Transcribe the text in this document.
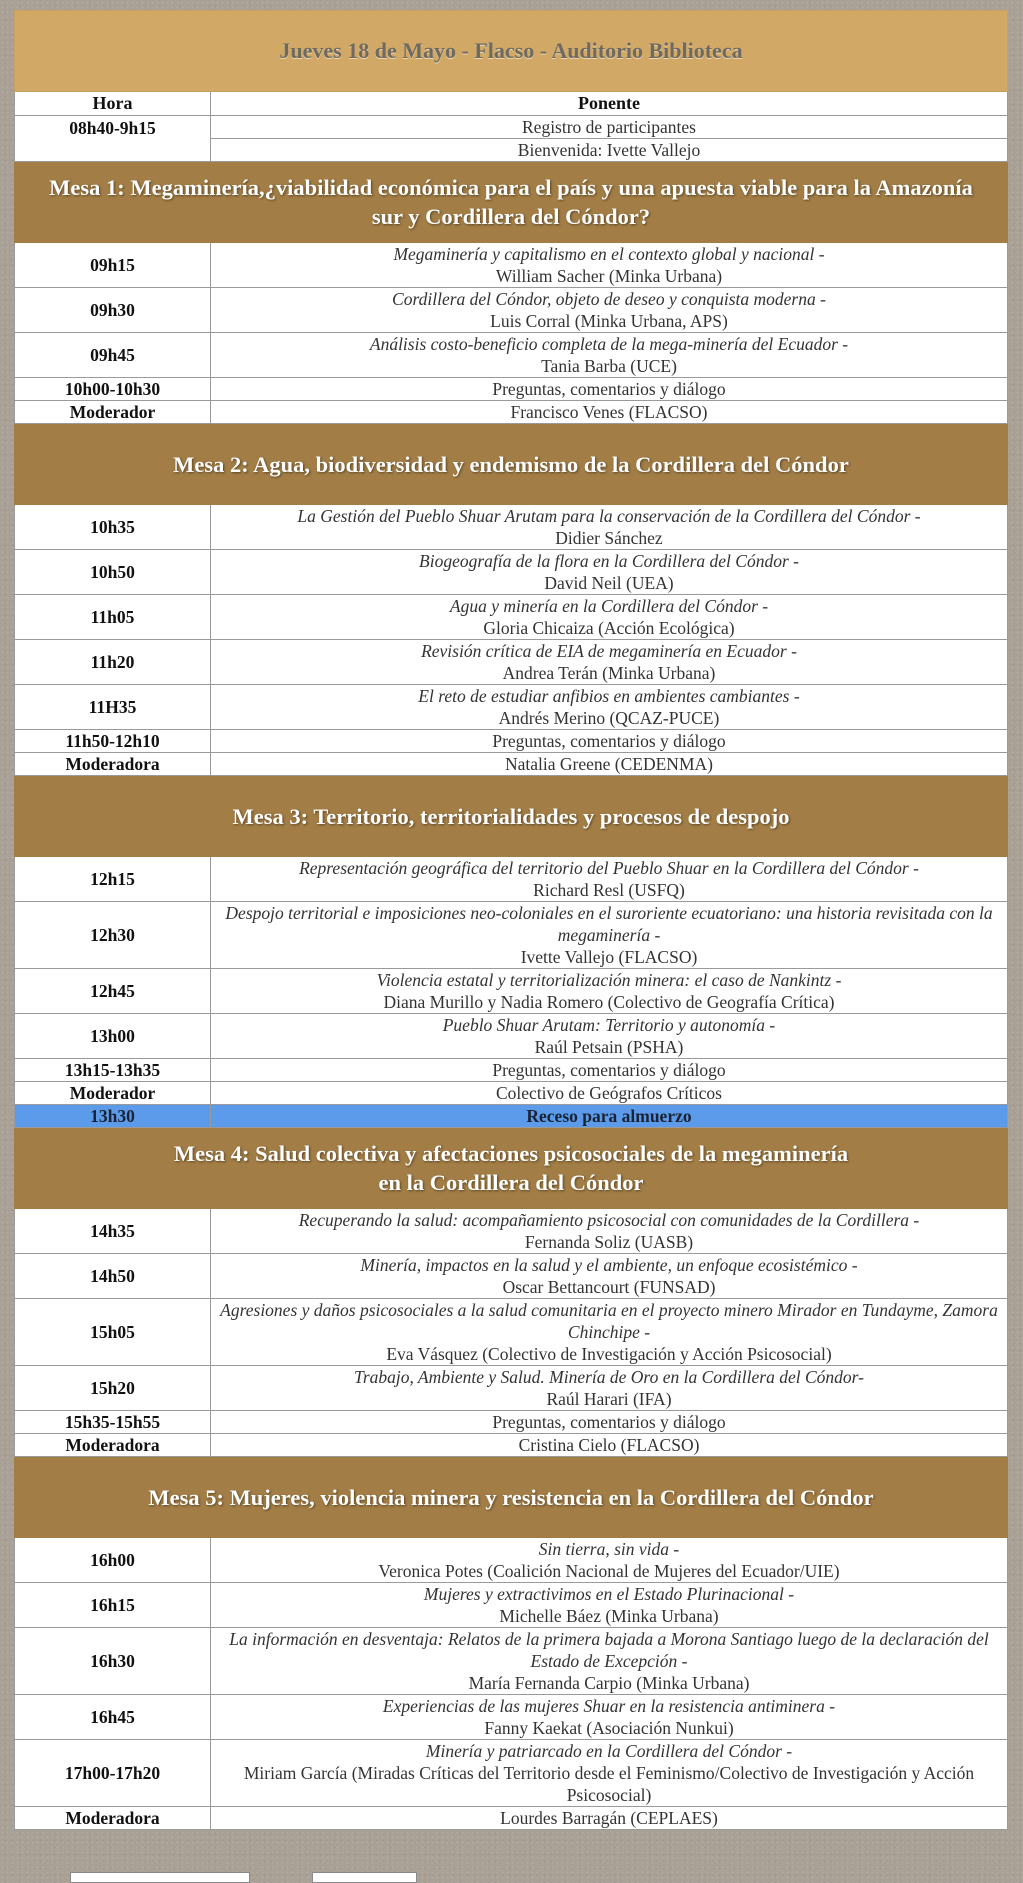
Jueves 18 de Mayo - Flacso - Auditorio Biblioteca	
Hora	Ponente
08h40-9h15	Registro de participantes
	Bienvenida: Ivette Vallejo
Mesa 1: Megaminería,¿viabilidad económica para el país y una apuesta viable para la Amazonía sur y Cordillera del Cóndor?	
09h15	Megaminería y capitalismo en el contexto global y nacional -
William Sacher (Minka Urbana)

09h30	Cordillera del Cóndor, objeto de deseo y conquista moderna -
Luis Corral (Minka Urbana, APS)

09h45	Análisis costo-beneficio completa de la mega-minería del Ecuador -
Tania Barba (UCE)

10h00-10h30	Preguntas, comentarios y diálogo
Moderador	Francisco Venes (FLACSO)
Mesa 2: Agua, biodiversidad y endemismo de la Cordillera del Cóndor	
10h35	La Gestión del Pueblo Shuar Arutam para la conservación de la Cordillera del Cóndor -
Didier Sánchez

10h50	Biogeografía de la flora en la Cordillera del Cóndor -
David Neil (UEA)

11h05	Agua y minería en la Cordillera del Cóndor -
Gloria Chicaiza (Acción Ecológica)

11h20	Revisión crítica de EIA de megaminería en Ecuador -
Andrea Terán (Minka Urbana)

11H35	El reto de estudiar anfibios en ambientes cambiantes -
Andrés Merino (QCAZ-PUCE)

11h50-12h10	Preguntas, comentarios y diálogo
Moderadora	Natalia Greene (CEDENMA)
Mesa 3: Territorio, territorialidades y procesos de despojo	
12h15	Representación geográfica del territorio del Pueblo Shuar en la Cordillera del Cóndor -
Richard Resl (USFQ)

12h30	Despojo territorial e imposiciones neo-coloniales en el suroriente ecuatoriano: una historia revisitada con la megaminería -
Ivette Vallejo (FLACSO)

12h45	Violencia estatal y territorialización minera: el caso de Nankintz -
Diana Murillo y Nadia Romero (Colectivo de Geografía Crítica)

13h00	Pueblo Shuar Arutam: Territorio y autonomía -
Raúl Petsain (PSHA)

13h15-13h35	Preguntas, comentarios y diálogo
Moderador	Colectivo de Geógrafos Críticos
13h30	Receso para almuerzo
Mesa 4: Salud colectiva y afectaciones psicosociales de la megaminería
en la Cordillera del Cóndor	
14h35	Recuperando la salud: acompañamiento psicosocial con comunidades de la Cordillera -
Fernanda Soliz (UASB)

14h50	Minería, impactos en la salud y el ambiente, un enfoque ecosistémico -
Oscar Bettancourt (FUNSAD)

15h05	Agresiones y daños psicosociales a la salud comunitaria en el proyecto minero Mirador en Tundayme, Zamora Chinchipe -
Eva Vásquez (Colectivo de Investigación y Acción Psicosocial)

15h20	Trabajo, Ambiente y Salud. Minería de Oro en la Cordillera del Cóndor-
Raúl Harari (IFA)

15h35-15h55	Preguntas, comentarios y diálogo
Moderadora	Cristina Cielo (FLACSO)
Mesa 5: Mujeres, violencia minera y resistencia en la Cordillera del Cóndor	
16h00	Sin tierra, sin vida -
Veronica Potes (Coalición Nacional de Mujeres del Ecuador/UIE)

16h15	Mujeres y extractivimos en el Estado Plurinacional -
Michelle Báez (Minka Urbana)

16h30	La información en desventaja: Relatos de la primera bajada a Morona Santiago luego de la declaración del Estado de Excepción -
María Fernanda Carpio (Minka Urbana)

16h45	Experiencias de las mujeres Shuar en la resistencia antiminera -
Fanny Kaekat (Asociación Nunkui)

17h00-17h20	Minería y patriarcado en la Cordillera del Cóndor -
Miriam García (Miradas Críticas del Territorio desde el Feminismo/Colectivo de Investigación y Acción Psicosocial)

Moderadora	Lourdes Barragán (CEPLAES)
